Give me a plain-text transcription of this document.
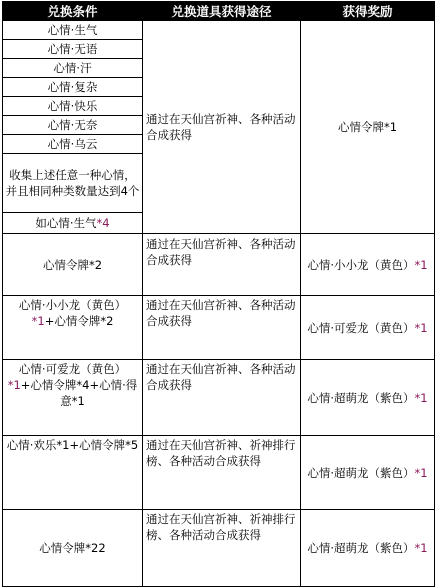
兑换条件	兑换道具获得途径	获得奖励
心情·生气	通过在天仙宫祈神、各种活动合成获得	心情令牌*1
心情·无语		
心情·汗		
心情·复杂		
心情·快乐		
心情·无奈		
心情·乌云		
收集上述任意一种心情，并且相同种类数量达到4个		
如心情·生气*4		
心情令牌*2	通过在天仙宫祈神、各种活动合成获得	心情·小小龙（黄色）*1
心情·小小龙（黄色）*1+心情令牌*2	通过在天仙宫祈神、各种活动合成获得	心情·可爱龙（黄色）*1
心情·可爱龙（黄色）*1+心情令牌*4+心情·得意*1	通过在天仙宫祈神、各种活动合成获得	心情·超萌龙（紫色）*1
心情·欢乐*1+心情令牌*5	通过在天仙宫祈神、祈神排行榜、各种活动合成获得	心情·超萌龙（紫色）*1
心情令牌*22	通过在天仙宫祈神、祈神排行榜、各种活动合成获得	心情·超萌龙（紫色）*1
